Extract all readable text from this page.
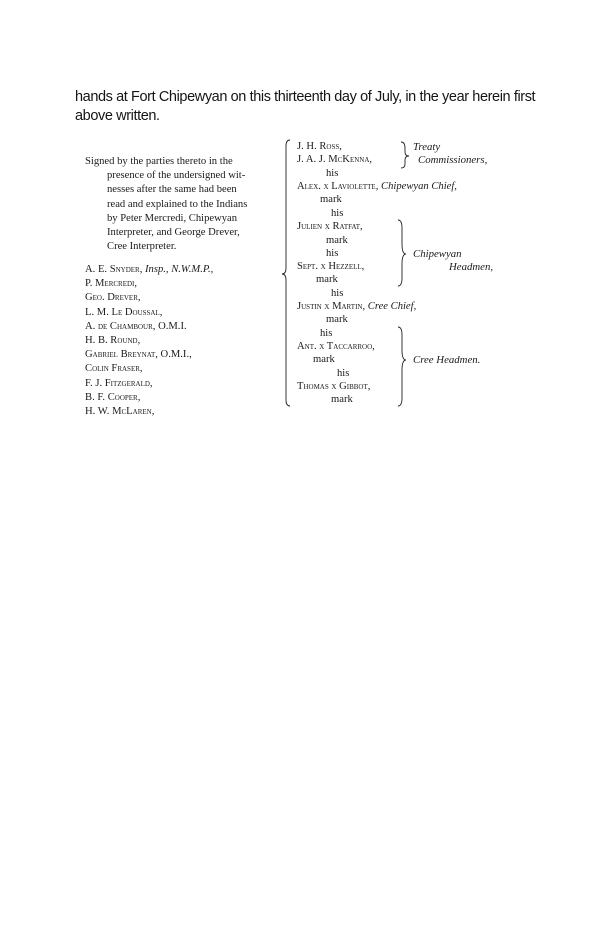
hands at Fort Chipewyan on this thirteenth day of July, in the year herein first
above written.
Signed by the parties thereto in the
presence of the undersigned wit-
nesses after the same had been
read and explained to the Indians
by Peter Mercredi, Chipewyan
Interpreter, and George Drever,
Cree Interpreter.
A. E. Snyder, Insp., N.W.M.P.,
P. Mercredi,
Geo. Drever,
L. M. Le Doussal,
A. de Chambour, O.M.I.
H. B. Round,
Gabriel Breynat, O.M.I.,
Colin Fraser,
F. J. Fitzgerald,
B. F. Cooper,
H. W. McLaren,
J. H. Ross,
J. A. J. McKenna,
Treaty
Commissioners,
his
Alex. x Laviolette, Chipewyan Chief,
mark
his
Julien x Ratfat,
mark
his
Sept. x Hezzell,
mark
Chipewyan
Headmen,
his
Justin x Martin, Cree Chief,
mark
his
Ant. x Taccarroo,
mark	Cree Headmen.
his
Thomas x Gibbot,
mark
